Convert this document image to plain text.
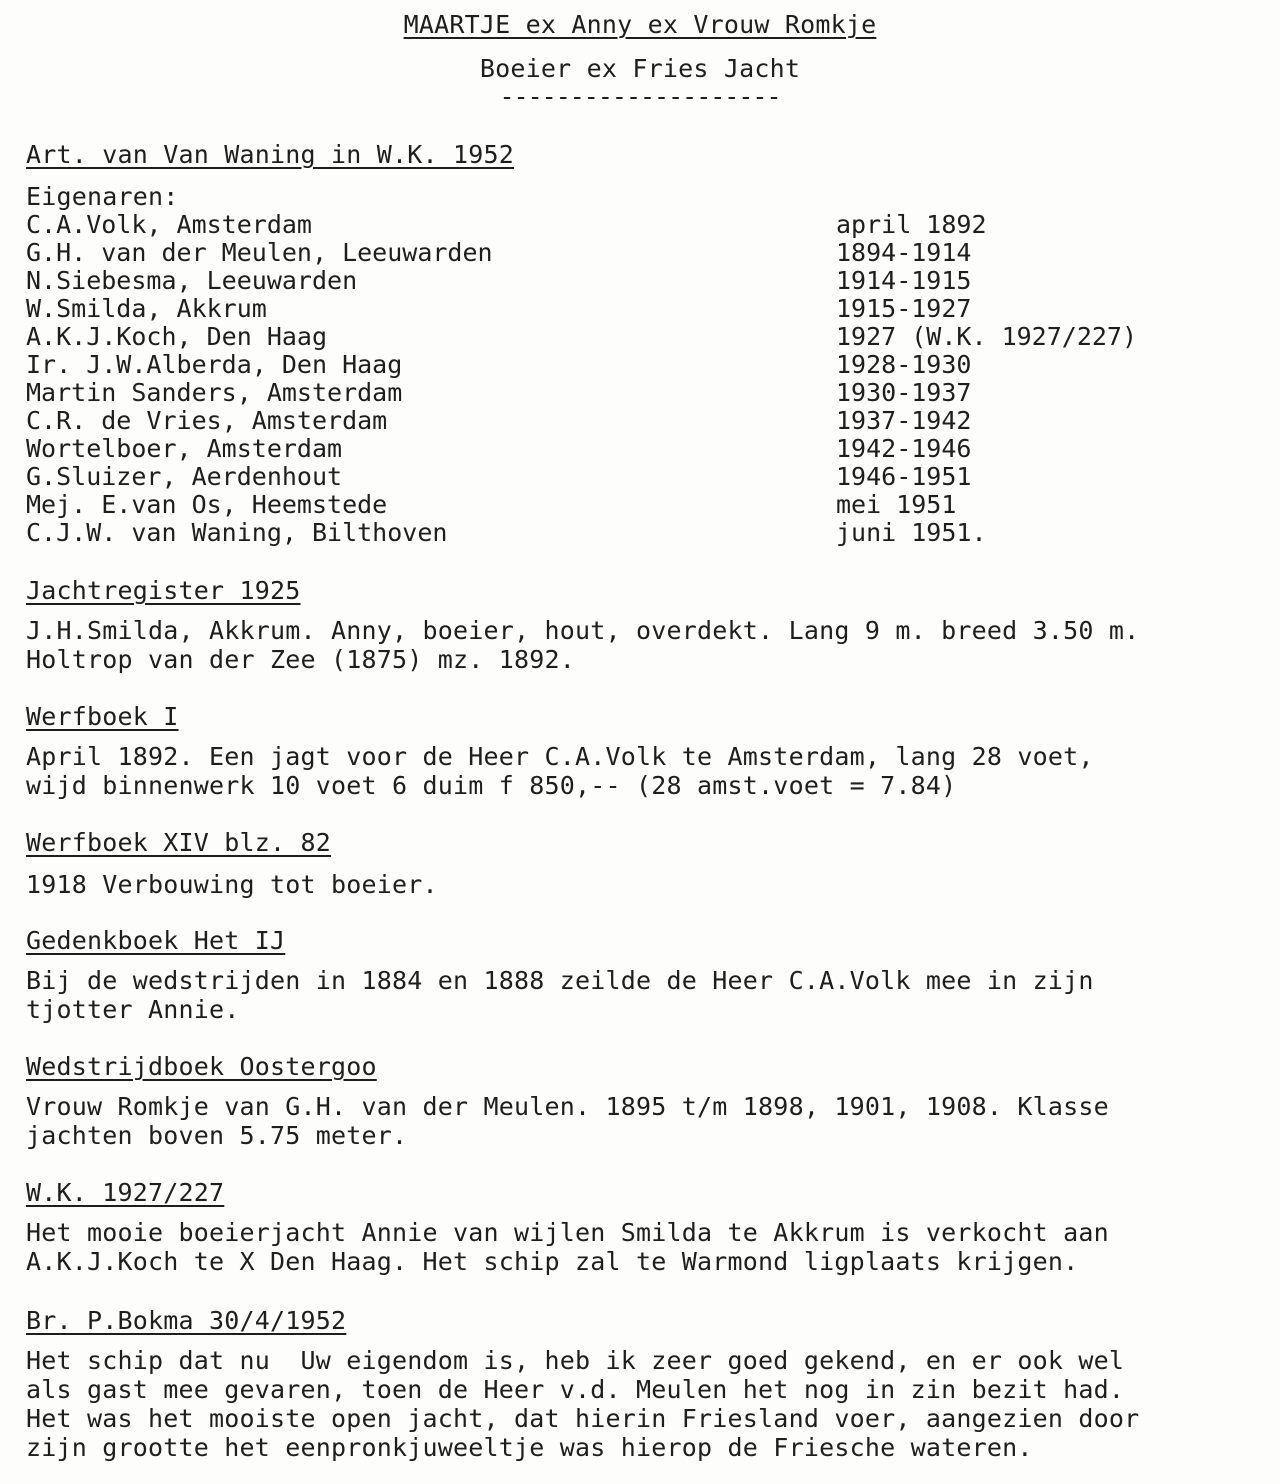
MAARTJE ex Anny ex Vrouw Romkje
Boeier ex Fries Jacht
--------------------
Art. van Van Waning in W.K. 1952
Eigenaren:
C.A.Volk, Amsterdam	april 1892
G.H. van der Meulen, Leeuwarden	1894-1914
N.Siebesma, Leeuwarden	1914-1915
W.Smilda, Akkrum	1915-1927
A.K.J.Koch, Den Haag	1927 (W.K. 1927/227)
Ir. J.W.Alberda, Den Haag	1928-1930
Martin Sanders, Amsterdam	1930-1937
C.R. de Vries, Amsterdam	1937-1942
Wortelboer, Amsterdam	1942-1946
G.Sluizer, Aerdenhout	1946-1951
Mej. E.van Os, Heemstede	mei 1951
C.J.W. van Waning, Bilthoven	juni 1951.
Jachtregister 1925
J.H.Smilda, Akkrum. Anny, boeier, hout, overdekt. Lang 9 m. breed 3.50 m.
Holtrop van der Zee (1875) mz. 1892.
Werfboek I
April 1892. Een jagt voor de Heer C.A.Volk te Amsterdam, lang 28 voet,
wijd binnenwerk 10 voet 6 duim f 850,-- (28 amst.voet = 7.84)
Werfboek XIV blz. 82
1918 Verbouwing tot boeier.
Gedenkboek Het IJ
Bij de wedstrijden in 1884 en 1888 zeilde de Heer C.A.Volk mee in zijn
tjotter Annie.
Wedstrijdboek Oostergoo
Vrouw Romkje van G.H. van der Meulen. 1895 t/m 1898, 1901, 1908. Klasse
jachten boven 5.75 meter.
W.K. 1927/227
Het mooie boeierjacht Annie van wijlen Smilda te Akkrum is verkocht aan
A.K.J.Koch te X Den Haag. Het schip zal te Warmond ligplaats krijgen.
Br. P.Bokma 30/4/1952
Het schip dat nu  Uw eigendom is, heb ik zeer goed gekend, en er ook wel
als gast mee gevaren, toen de Heer v.d. Meulen het nog in zin bezit had.
Het was het mooiste open jacht, dat hierin Friesland voer, aangezien door
zijn grootte het eenpronkjuweeltje was hierop de Friesche wateren.
